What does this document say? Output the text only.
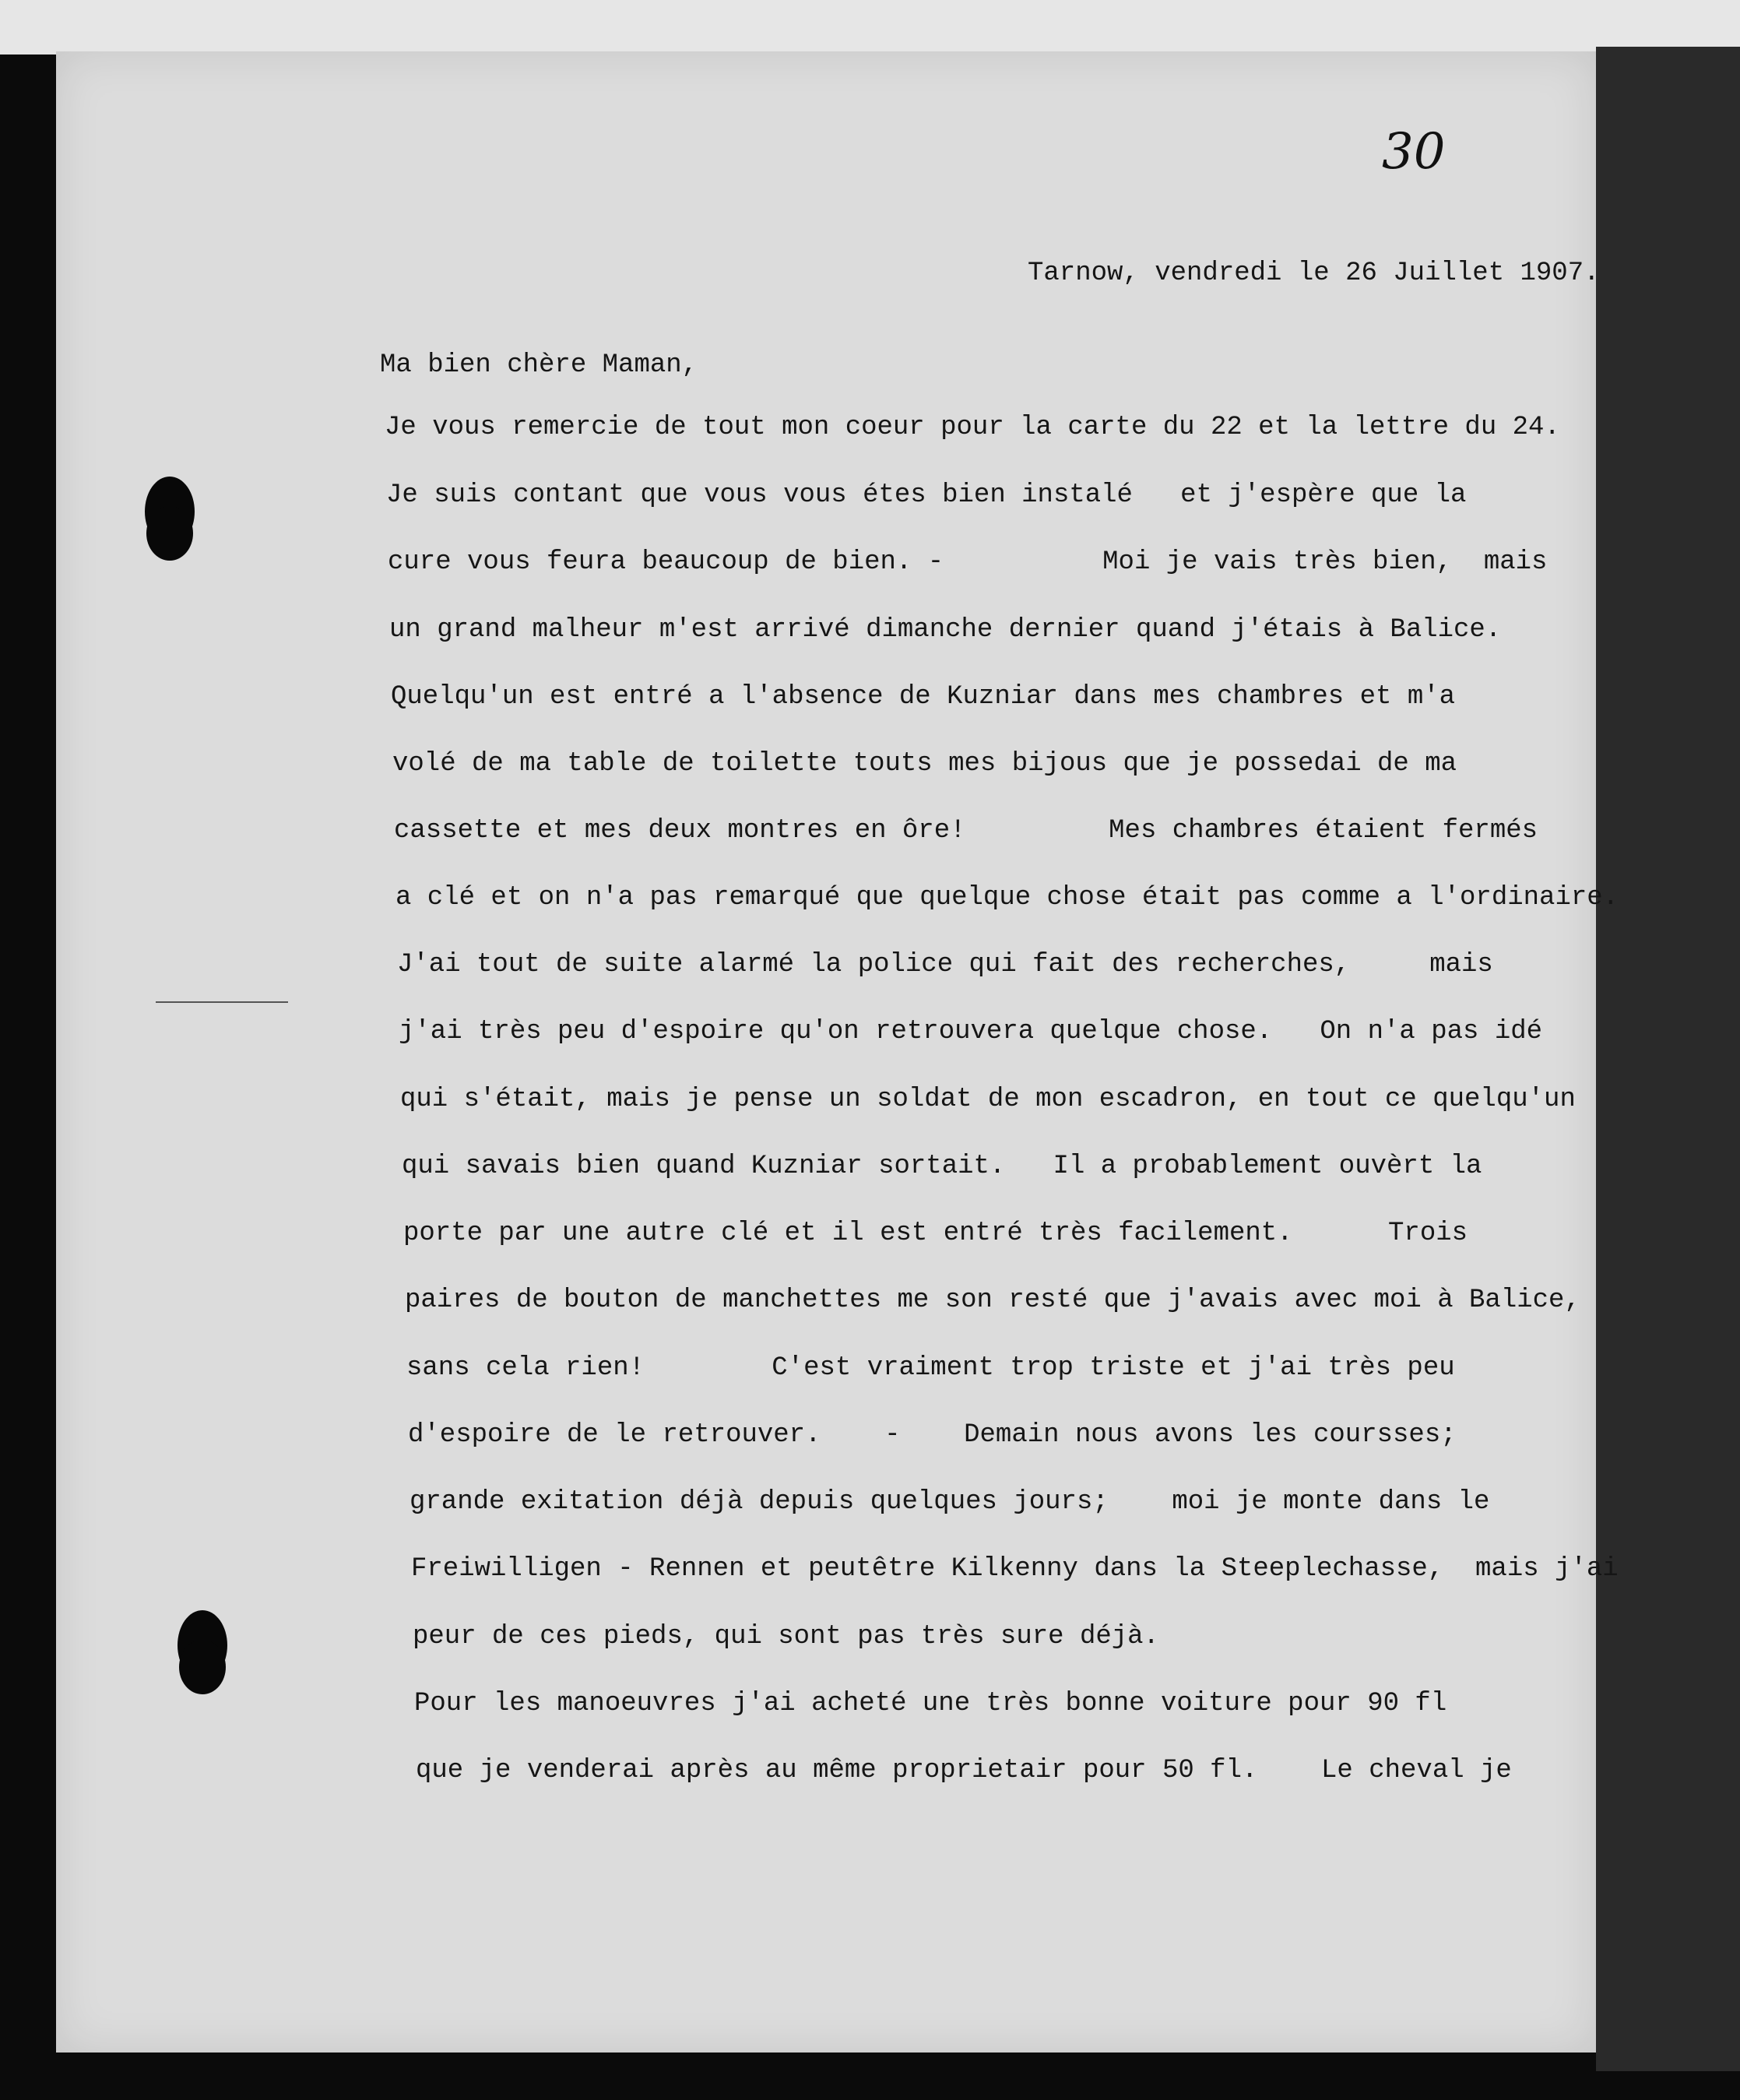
30
Tarnow, vendredi le 26 Juillet 1907.
Ma bien chère Maman,
Je vous remercie de tout mon coeur pour la carte du 22 et la lettre du 24.
Je suis contant que vous vous étes bien instalé   et j'espère que la
cure vous feura beaucoup de bien. -          Moi je vais très bien,  mais
un grand malheur m'est arrivé dimanche dernier quand j'étais à Balice.
Quelqu'un est entré a l'absence de Kuzniar dans mes chambres et m'a
volé de ma table de toilette touts mes bijous que je possedai de ma
cassette et mes deux montres en ôre!         Mes chambres étaient fermés
a clé et on n'a pas remarqué que quelque chose était pas comme a l'ordinaire.
J'ai tout de suite alarmé la police qui fait des recherches,     mais
j'ai très peu d'espoire qu'on retrouvera quelque chose.   On n'a pas idé
qui s'était, mais je pense un soldat de mon escadron, en tout ce quelqu'un
qui savais bien quand Kuzniar sortait.   Il a probablement ouvèrt la
porte par une autre clé et il est entré très facilement.      Trois
paires de bouton de manchettes me son resté que j'avais avec moi à Balice,
sans cela rien!        C'est vraiment trop triste et j'ai très peu
d'espoire de le retrouver.    -    Demain nous avons les coursses;
grande exitation déjà depuis quelques jours;    moi je monte dans le
Freiwilligen - Rennen et peutêtre Kilkenny dans la Steeplechasse,  mais j'ai
peur de ces pieds, qui sont pas très sure déjà.
Pour les manoeuvres j'ai acheté une très bonne voiture pour 90 fl
que je venderai après au même proprietair pour 50 fl.    Le cheval je
